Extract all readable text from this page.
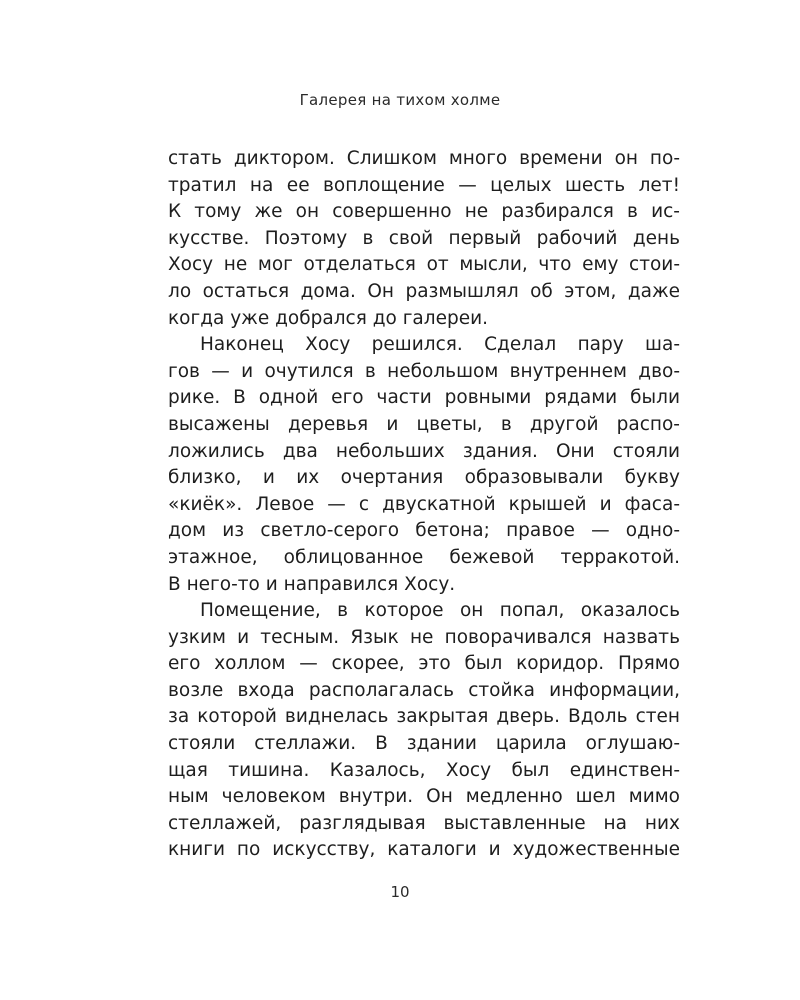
Галерея на тихом холме
стать диктором. Слишком много времени он по-
тратил на ее воплощение — целых шесть лет!
К тому же он совершенно не разбирался в ис-
кусстве. Поэтому в свой первый рабочий день
Хосу не мог отделаться от мысли, что ему стои-
ло остаться дома. Он размышлял об этом, даже
когда уже добрался до галереи.
Наконец Хосу решился. Сделал пару ша-
гов — и очутился в небольшом внутреннем дво-
рике. В одной его части ровными рядами были
высажены деревья и цветы, в другой распо-
ложились два небольших здания. Они стояли
близко, и их очертания образовывали букву
«киёк». Левое — с двускатной крышей и фаса-
дом из светло-серого бетона; правое — одно-
этажное, облицованное бежевой терракотой.
В него-то и направился Хосу.
Помещение, в которое он попал, оказалось
узким и тесным. Язык не поворачивался назвать
его холлом — скорее, это был коридор. Прямо
возле входа располагалась стойка информации,
за которой виднелась закрытая дверь. Вдоль стен
стояли стеллажи. В здании царила оглушаю-
щая тишина. Казалось, Хосу был единствен-
ным человеком внутри. Он медленно шел мимо
стеллажей, разглядывая выставленные на них
книги по искусству, каталоги и художественные
10
